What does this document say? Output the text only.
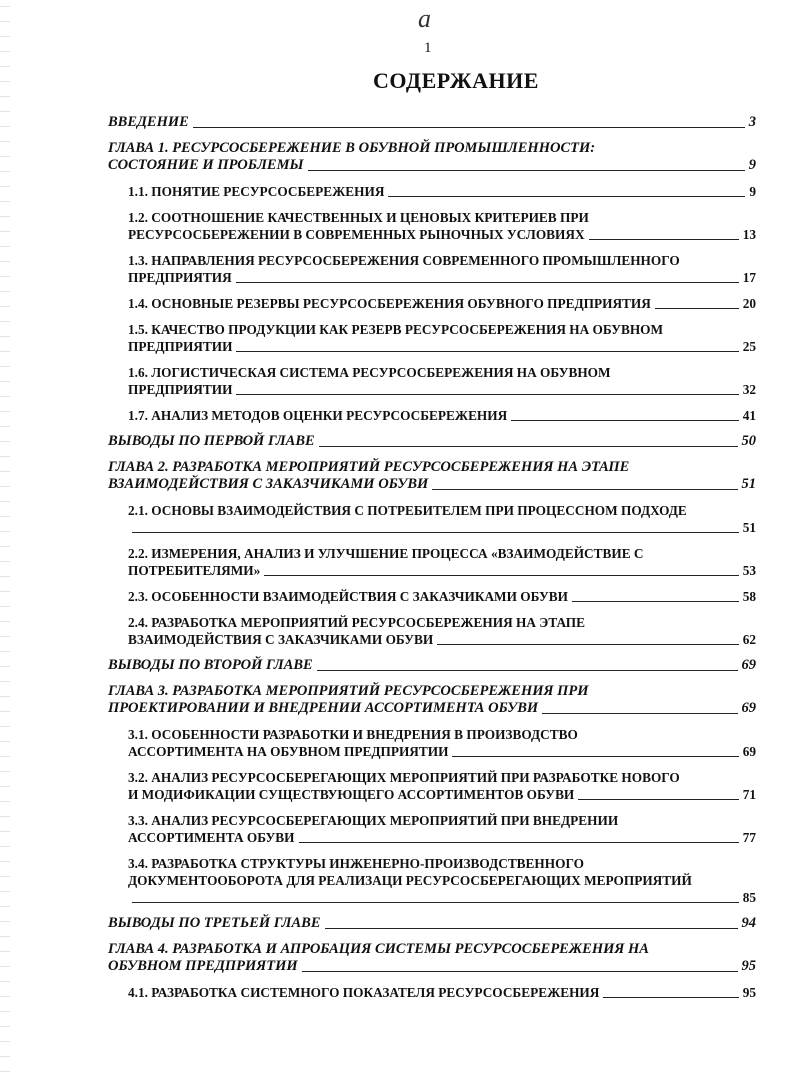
a
1
СОДЕРЖАНИЕ
ВВЕДЕНИЕ	3
ГЛАВА 1. РЕСУРСОСБЕРЕЖЕНИЕ В ОБУВНОЙ ПРОМЫШЛЕННОСТИ:
СОСТОЯНИЕ И ПРОБЛЕМЫ	9
1.1. ПОНЯТИЕ РЕСУРСОСБЕРЕЖЕНИЯ	9
1.2. СООТНОШЕНИЕ КАЧЕСТВЕННЫХ И ЦЕНОВЫХ КРИТЕРИЕВ ПРИ
РЕСУРСОСБЕРЕЖЕНИИ В СОВРЕМЕННЫХ РЫНОЧНЫХ УСЛОВИЯХ	13
1.3. НАПРАВЛЕНИЯ РЕСУРСОСБЕРЕЖЕНИЯ СОВРЕМЕННОГО ПРОМЫШЛЕННОГО
ПРЕДПРИЯТИЯ	17
1.4. ОСНОВНЫЕ РЕЗЕРВЫ РЕСУРСОСБЕРЕЖЕНИЯ ОБУВНОГО ПРЕДПРИЯТИЯ	20
1.5. КАЧЕСТВО ПРОДУКЦИИ КАК РЕЗЕРВ РЕСУРСОСБЕРЕЖЕНИЯ НА ОБУВНОМ
ПРЕДПРИЯТИИ	25
1.6. ЛОГИСТИЧЕСКАЯ СИСТЕМА РЕСУРСОСБЕРЕЖЕНИЯ НА ОБУВНОМ
ПРЕДПРИЯТИИ	32
1.7. АНАЛИЗ МЕТОДОВ ОЦЕНКИ РЕСУРСОСБЕРЕЖЕНИЯ	41
ВЫВОДЫ ПО ПЕРВОЙ ГЛАВЕ	50
ГЛАВА 2. РАЗРАБОТКА МЕРОПРИЯТИЙ РЕСУРСОСБЕРЕЖЕНИЯ НА ЭТАПЕ
ВЗАИМОДЕЙСТВИЯ С ЗАКАЗЧИКАМИ ОБУВИ	51
2.1. ОСНОВЫ ВЗАИМОДЕЙСТВИЯ С ПОТРЕБИТЕЛЕМ ПРИ ПРОЦЕССНОМ ПОДХОДЕ
51
2.2. ИЗМЕРЕНИЯ, АНАЛИЗ И УЛУЧШЕНИЕ ПРОЦЕССА «ВЗАИМОДЕЙСТВИЕ С
ПОТРЕБИТЕЛЯМИ»	53
2.3. ОСОБЕННОСТИ ВЗАИМОДЕЙСТВИЯ С ЗАКАЗЧИКАМИ ОБУВИ	58
2.4. РАЗРАБОТКА МЕРОПРИЯТИЙ РЕСУРСОСБЕРЕЖЕНИЯ НА ЭТАПЕ
ВЗАИМОДЕЙСТВИЯ С ЗАКАЗЧИКАМИ ОБУВИ	62
ВЫВОДЫ ПО ВТОРОЙ ГЛАВЕ	69
ГЛАВА 3. РАЗРАБОТКА МЕРОПРИЯТИЙ РЕСУРСОСБЕРЕЖЕНИЯ ПРИ
ПРОЕКТИРОВАНИИ И ВНЕДРЕНИИ АССОРТИМЕНТА ОБУВИ	69
3.1. ОСОБЕННОСТИ РАЗРАБОТКИ И ВНЕДРЕНИЯ В ПРОИЗВОДСТВО
АССОРТИМЕНТА НА ОБУВНОМ ПРЕДПРИЯТИИ	69
3.2. АНАЛИЗ РЕСУРСОСБЕРЕГАЮЩИХ МЕРОПРИЯТИЙ ПРИ РАЗРАБОТКЕ НОВОГО
И МОДИФИКАЦИИ СУЩЕСТВУЮЩЕГО АССОРТИМЕНТОВ ОБУВИ	71
3.3. АНАЛИЗ РЕСУРСОСБЕРЕГАЮЩИХ МЕРОПРИЯТИЙ ПРИ ВНЕДРЕНИИ
АССОРТИМЕНТА ОБУВИ	77
3.4. РАЗРАБОТКА СТРУКТУРЫ ИНЖЕНЕРНО-ПРОИЗВОДСТВЕННОГО
ДОКУМЕНТООБОРОТА ДЛЯ РЕАЛИЗАЦИ РЕСУРСОСБЕРЕГАЮЩИХ МЕРОПРИЯТИЙ
85
ВЫВОДЫ ПО ТРЕТЬЕЙ ГЛАВЕ	94
ГЛАВА 4. РАЗРАБОТКА И АПРОБАЦИЯ СИСТЕМЫ РЕСУРСОСБЕРЕЖЕНИЯ НА
ОБУВНОМ ПРЕДПРИЯТИИ	95
4.1. РАЗРАБОТКА СИСТЕМНОГО ПОКАЗАТЕЛЯ РЕСУРСОСБЕРЕЖЕНИЯ	95
